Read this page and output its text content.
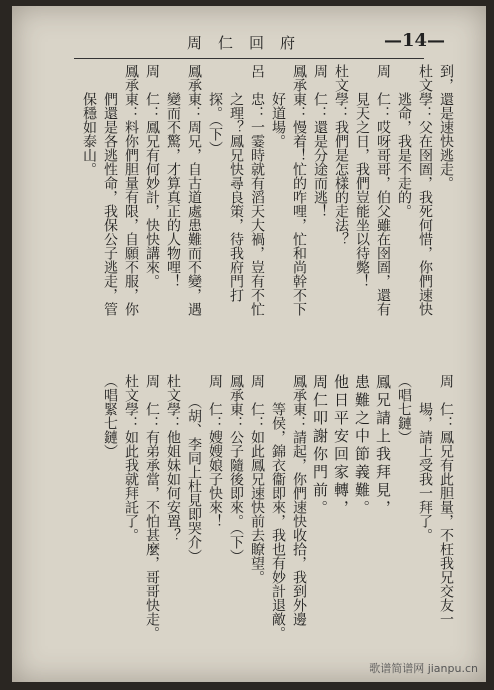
周仁回府	—14—
到，還是速快逃走。
杜文學：父在囹圄，我死何惜，你們速快
　　逃命，我是不走的。
周　仁：哎呀哥哥，伯父雖在囹圄，還有
　　見天之日，我們豈能坐以待斃！
杜文學：我們是怎樣的走法？
周　仁：還是分途而逃！
鳳承東：慢着！忙的咋哩，忙和尚幹不下
　　好道場。
呂　忠：一霎時就有滔天大禍，豈有不忙
　　之理？鳳兄快尋良策，待我府門打
　　探。（下）
鳳承東：周兄，自古道處患難而不變，遇
　　變而不驚，才算真正的人物哩！
周　仁：鳳兄有何妙計，快快講來。
鳳承東：料你們胆量有限，自願不服，你
　　們還是各逃性命，我保公子逃走，管
　　保穩如泰山。
周　仁：鳳兄有此胆量，不枉我兄交友一
　　場，請上受我一拜了。
（唱七鏈）
鳳兄請上我拜見，
患難之中節義難。
他日平安回家轉，
周仁叩謝你門前。
鳳承東：請起，你們速快收拾，我到外邊
　　等侯，錦衣衞即來，我也有妙計退敵。
周　仁：如此鳳兄速快前去瞭望。
鳳承東：公子隨後即來。（下）
周　仁：嫂嫂娘子快來！
　　（胡、李同上杜見即哭介）
杜文學：他姐妹如何安置？
周　仁：有弟承當，不怕甚麼，哥哥快走。
杜文學：如此我就拜託了。
（唱緊七鏈）
歌谱简谱网 jianpu.cn
